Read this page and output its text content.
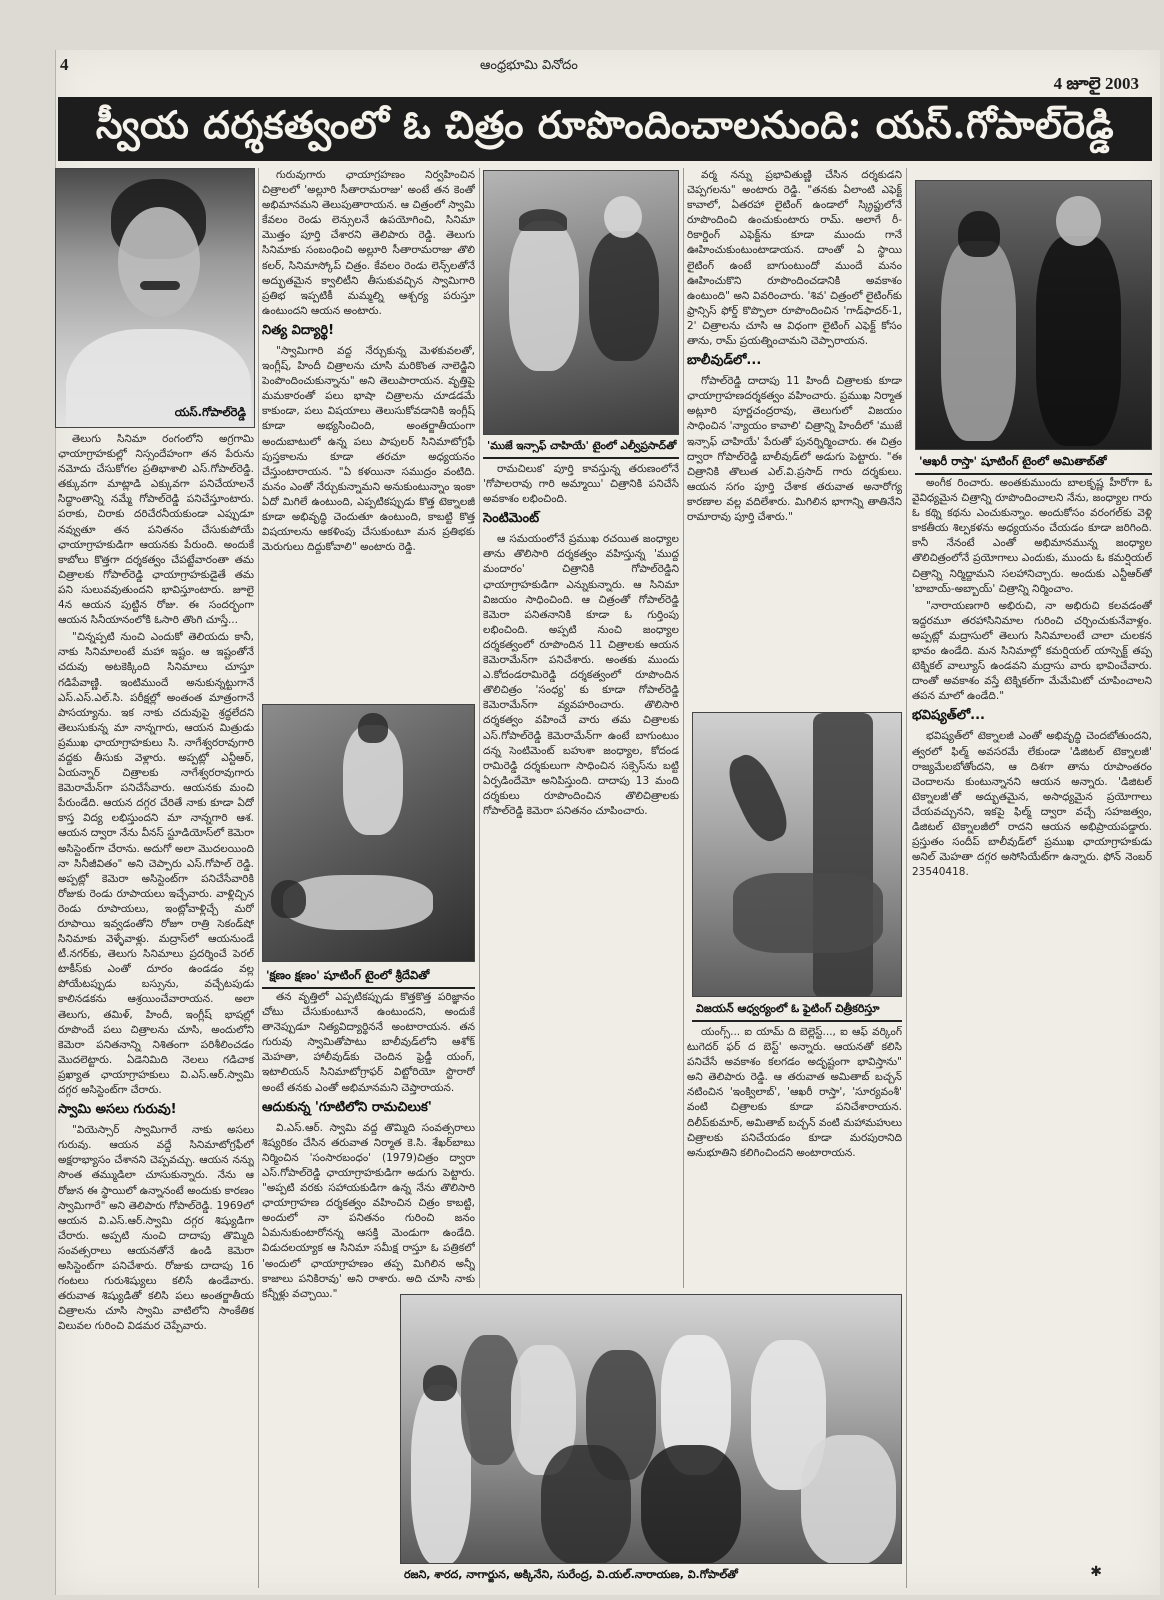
4	ఆంధ్రభూమి వినోదం
4 జూలై 2003
స్వీయ దర్శకత్వంలో ఓ చిత్రం రూపొందించాలనుంది: యస్.గోపాల్‌రెడ్డి
యస్.గోపాల్‌రెడ్డి

తెలుగు సినిమా రంగంలోని అగ్రగామి ఛాయాగ్రాహకుల్లో నిస్సందేహంగా తన పేరును నమోదు చేసుకోగల ప్రతిభాశాలి ఎస్.గోపాల్‌రెడ్డి. తక్కువగా మాట్లాడి ఎక్కువగా పనిచేయాలనే సిద్ధాంతాన్ని నమ్మే గోపాల్‌రెడ్డి పనిచేస్తూంటారు. పరాకు, చిరాకు దరిచేరనీయకుండా ఎప్పుడూ నవ్వుతూ తన పనితనం చేసుకుపోయే ఛాయాగ్రాహకుడిగా ఆయనకు పేరుంది. అందుకే కాబోలు కొత్తగా దర్శకత్వం చేపట్టేవారంతా తమ చిత్రాలకు గోపాల్‌రెడ్డి ఛాయాగ్రాహకుడైతే తమ పని సులువవుతుందని భావిస్తూంటారు. జూలై 4న ఆయన పుట్టిన రోజు. ఈ సందర్భంగా ఆయన సినీయానంలోకి ఓసారి తొంగి చూస్తే...

"చిన్నప్పటి నుంచి ఎందుకో తెలియదు కానీ, నాకు సినిమాలంటే మహా ఇష్టం. ఆ ఇష్టంతోనే చదువు అటకెక్కింది సినిమాలు చూస్తూ గడిపేవాణ్ణి. ఇంటిముందే అనుకున్నట్టుగానే ఎస్.ఎస్.ఎల్.సి. పరీక్షల్లో అంతంత మాత్రంగానే పాసయ్యాను. ఇక నాకు చదువుపై శ్రద్ధలేదని తెలుసుకున్న మా నాన్నగారు, ఆయన మిత్రుడు ప్రముఖ ఛాయాగ్రాహకులు సి. నాగేశ్వరరావుగారి వద్దకు తీసుకు వెళ్లారు. అప్పట్లో ఎన్టీఆర్, ఏయన్నార్ చిత్రాలకు నాగేశ్వరరావుగారు కెమెరామేన్‌గా పనిచేసేవారు. ఆయనకు మంచి పేరుండేది. ఆయన దగ్గర చేరితే నాకు కూడా ఏదో కాస్త విద్య లభిస్తుందని మా నాన్నగారి ఆశ. ఆయన ద్వారా నేను వీనస్ స్టూడియోస్‌లో కెమెరా అసిస్టెంట్‌గా చేరాను. అదుగో అలా మొదలయింది నా సినీజీవితం" అని చెప్పారు ఎస్.గోపాల్ రెడ్డి. అప్పట్లో కెమెరా అసిస్టెంట్‌గా పనిచేసేవారికి రోజుకు రెండు రూపాయలు ఇచ్చేవారు. వాళ్లిచ్చిన రెండు రూపాయలు, ఇంట్లోవాళ్లిచ్చే మరో రూపాయి ఇవ్వడంతోని రోజూ రాత్రి సెకండ్‌షో సినిమాకు వెళ్ళేవాళ్లు. మద్రాస్‌లో ఆయనుండే టీ.నగర్‌కు, తెలుగు సినిమాలు ప్రదర్శించే పెరల్ టాకీస్‌కు ఎంతో దూరం ఉండడం వల్ల పోయేటప్పుడు బస్సును, వచ్చేటపుడు కాలినడకను ఆశ్రయించేవారాయన. అలా తెలుగు, తమిళ్, హిందీ, ఇంగ్లీష్ భాషల్లో రూపొందే పలు చిత్రాలను చూసి, అందులోని కెమెరా పనితనాన్ని నిశితంగా పరిశీలించడం మొదలెట్టారు. ఏడెనిమిది నెలలు గడిచాక ప్రఖ్యాత ఛాయాగ్రాహకులు వి.ఎస్.ఆర్.స్వామి దగ్గర అసిస్టెంట్‌గా చేరారు.

స్వామి అసలు గురువు!

"వియెస్సార్ స్వామిగారే నాకు అసలు గురువు. ఆయన వద్దే సినిమాటోగ్రఫీలో అక్షరాభ్యాసం చేశానని చెప్పవచ్చు. ఆయన నన్ను సొంత తమ్ముడిలా చూసుకున్నారు. నేను ఆ రోజున ఈ స్థాయిలో ఉన్నానంటే అందుకు కారణం స్వామిగారే" అని తెలిపారు గోపాల్‌రెడ్డి. 1969లో ఆయన వి.ఎస్.ఆర్.స్వామి దగ్గర శిష్యుడిగా చేరారు. అప్పటి నుంచి దాదాపు తొమ్మిది సంవత్సరాలు ఆయనతోనే ఉండి కెమెరా అసిస్టెంట్‌గా పనిచేశారు. రోజుకు దాదాపు 16 గంటలు గురుశిష్యులు కలిసే ఉండేవారు. తరువాత శిష్యుడితో కలిసి పలు అంతర్జాతీయ చిత్రాలను చూసి స్వామి వాటిలోని సాంకేతిక విలువల గురించి విడమర చెప్పేవారు.

గురువుగారు ఛాయాగ్రహణం నిర్వహించిన చిత్రాలలో 'అల్లూరి సీతారామరాజు' అంటే తన కెంతో అభిమానమని తెలుపుతారాయన. ఆ చిత్రంలో స్వామి కేవలం రెండు లెన్సులనే ఉపయోగించి, సినిమా మొత్తం పూర్తి చేశారని తెలిపారు రెడ్డి. తెలుగు సినిమాకు సంబంధించి అల్లూరి సీతారామరాజు తొలి కలర్, సినిమాస్కోప్ చిత్రం. కేవలం రెండు లెన్స్‌లతోనే అద్భుతమైన క్వాలిటీని తీసుకువచ్చిన స్వామిగారి ప్రతిభ ఇప్పటికీ మమ్మల్ని ఆశ్చర్య పరుస్తూ ఉంటుందని ఆయన అంటారు.

నిత్య విద్యార్థి!

"స్వామిగారి వద్ద నేర్చుకున్న మెళకువలతో, ఇంగ్లీష్, హిందీ చిత్రాలను చూసి మరికొంత నాలెడ్జిని పెంపొందించుకున్నాను" అని తెలుపారాయన. వృత్తిపై మమకారంతో పలు భాషా చిత్రాలను చూడడమే కాకుండా, పలు విషయాలు తెలుసుకోవడానికి ఇంగ్లీష్ కూడా అభ్యసించింది, అంతర్జాతీయంగా అందుబాటులో ఉన్న పలు పాపులర్ సినిమాటోగ్రఫీ పుస్తకాలను కూడా తరచూ అధ్యయనం చేస్తుంటారాయన. "ఏ కళయినా సముద్రం వంటిది. మనం ఎంతో నేర్చుకున్నామని అనుకుంటున్నాం ఇంకా ఏదో మిగిలే ఉంటుంది, ఎప్పటికప్పుడు కొత్త టెక్నాలజీ కూడా అభివృద్ధి చెందుతూ ఉంటుంది, కాబట్టి కొత్త విషయాలను ఆకళింపు చేసుకుంటూ మన ప్రతిభకు మెరుగులు దిద్దుకోవాలి" అంటారు రెడ్డి.

'క్షణం క్షణం' షూటింగ్ టైంలో శ్రీదేవితో

తన వృత్తిలో ఎప్పటికప్పుడు కొత్తకొత్త పరిజ్ఞానం చోటు చేసుకుంటూనే ఉంటుందని, అందుకే తానెప్పుడూ నిత్యవిద్యార్థిననే అంటారాయన. తన గురువు స్వామితోపాటు బాలీవుడ్‌లోని ఆశోక్ మెహతా, హాలీవుడ్‌కు చెందిన ఫ్రెడ్డీ యంగ్, ఇటాలియన్ సినిమాటోగ్రాఫర్ విట్టోరియో స్టొరారో అంటే తనకు ఎంతో అభిమానమని చెప్తారాయన.

ఆదుకున్న 'గూటిలోని రామచిలుక'

వి.ఎస్.ఆర్. స్వామి వద్ద తొమ్మిది సంవత్సరాలు శిష్యరికం చేసిన తరువాత నిర్మాత కె.సి. శేఖర్‌బాబు నిర్మించిన 'సంసారబంధం' (1979)చిత్రం ద్వారా ఎస్.గోపాల్‌రెడ్డి ఛాయాగ్రాహకుడిగా అడుగు పెట్టారు. "అప్పటి వరకు సహాయకుడిగా ఉన్న నేను తొలిసారి ఛాయాగ్రాహణ దర్శకత్వం వహించిన చిత్రం కాబట్టి, అందులో నా పనితనం గురించి జనం ఏమనుకుంటారోనన్న ఆసక్తి మెండుగా ఉండేది. విడుదలయ్యాక ఆ సినిమా సమీక్ష రాస్తూ ఓ పత్రికలో 'అందులో ఛాయాగ్రాహణం తప్ప మిగిలిన అన్నీ కాజాలు పనికిరావు' అని రాశారు. అది చూసి నాకు కన్నీళ్లు వచ్చాయి."

'ముజే ఇన్సాఫ్ చాహియే' టైంలో ఎల్వీప్రసాద్‌తో

రామచిలుక' పూర్తి కావస్తున్న తరుణంలోనే 'గోపాలరావు గారి అమ్మాయి' చిత్రానికి పనిచేసే అవకాశం లభించింది.

సెంటిమెంట్

ఆ సమయంలోనే ప్రముఖ రచయిత జంధ్యాల తాను తొలిసారి దర్శకత్వం వహిస్తున్న 'ముద్ద మందారం' చిత్రానికి గోపాల్‌రెడ్డిని ఛాయాగ్రాహకుడిగా ఎన్నుకున్నారు. ఆ సినిమా విజయం సాధించింది. ఆ చిత్రంతో గోపాల్‌రెడ్డి కెమెరా పనితనానికి కూడా ఓ గుర్తింపు లభించింది. అప్పటి నుంచి జంధ్యాల దర్శకత్వంలో రూపొందిన 11 చిత్రాలకు ఆయన కెమెరామేన్‌గా పనిచేశారు. అంతకు ముందు ఎ.కోదండరామిరెడ్డి దర్శకత్వంలో రూపొందిన తొలిచిత్రం 'సంధ్య' కు కూడా గోపాల్‌రెడ్డి కెమెరామేన్‌గా వ్యవహరించారు. తొలిసారి దర్శకత్వం వహించే వారు తమ చిత్రాలకు ఎస్.గోపాల్‌రెడ్డి కెమెరామేన్‌గా ఉంటే బాగుంటుం దన్న సెంటిమెంట్ బహుశా జంధ్యాల, కోదండ రామిరెడ్డి దర్శకులుగా సాధించిన సక్సెస్‌ను బట్టి ఏర్పడిందేమో అనిపిస్తుంది. దాదాపు 13 మంది దర్శకులు రూపొందించిన తొలిచిత్రాలకు గోపాల్‌రెడ్డి కెమెరా పనితనం చూపించారు.

వర్మ నన్ను ప్రభావితుణ్ణి చేసిన దర్శకుడని చెప్పగలను" అంటారు రెడ్డి. "తనకు ఏలాంటి ఎఫెక్ట్ కావాలో, ఏతరహా లైటింగ్ ఉండాలో స్క్రిప్టులోనే రూపొందించి ఉంచుకుంటారు రామ్. అలాగే రీ-రికార్డింగ్ ఎఫెక్ట్‌ను కూడా ముందు గానే ఊహించుకుంటుంటాడాయన. దాంతో ఏ స్థాయి లైటింగ్ ఉంటే బాగుంటుందో ముందే మనం ఊహించుకొని రూపొందించడానికి అవకాశం ఉంటుంది" అని వివరించారు. 'శివ' చిత్రంలో లైటింగ్‌కు ఫ్రాన్సిస్ ఫోర్డ్ కొప్పొలా రూపొందించిన 'గాడ్‌ఫాదర్-1, 2' చిత్రాలను చూసి ఆ విధంగా లైటింగ్ ఎఫెక్ట్ కోసం తాను, రామ్ ప్రయత్నించామని చెప్పారాయన.

బాలీవుడ్‌లో...

గోపాల్‌రెడ్డి దాదాపు 11 హిందీ చిత్రాలకు కూడా ఛాయాగ్రాహణదర్శకత్వం వహించారు. ప్రముఖ నిర్మాత అట్లూరి పూర్ణచంద్రరావు, తెలుగులో విజయం సాధించిన 'న్యాయం కావాలి' చిత్రాన్ని హిందీలో 'ముజే ఇన్సాఫ్ చాహియే' పేరుతో పునర్నిర్మించారు. ఈ చిత్రం ద్వారా గోపాల్‌రెడ్డి బాలీవుడ్‌లో అడుగు పెట్టారు. "ఈ చిత్రానికి తొలుత ఎల్.వి.ప్రసాద్ గారు దర్శకులు. ఆయన సగం పూర్తి చేశాక తరువాత అనారోగ్య కారణాల వల్ల వదిలేశారు. మిగిలిన భాగాన్ని తాతినేని రామారావు పూర్తి చేశారు."

విజయన్ ఆధ్వర్యంలో ఓ ఫైటింగ్ చిత్రీకరిస్తూ

యంగ్స్‌... ఐ యామ్ ది బెల్లెస్ట్..., ఐ ఆఫ్ వర్కింగ్ టుగెదర్ ఫర్ ద బెస్ట్' అన్నారు. ఆయనతో కలిసి పనిచేసే అవకాశం కలగడం అదృష్టంగా భావిస్తాను" అని తెలిపారు రెడ్డి. ఆ తరువాత అమితాబ్ బచ్చన్ నటించిన 'ఇంక్విలాబ్', 'ఆఖరీ రాస్తా', 'సూర్యవంశీ' వంటి చిత్రాలకు కూడా పనిచేశారాయన. దిలీప్‌కుమార్, అమితాబ్ బచ్చన్ వంటి మహామహులు చిత్రాలకు పనిచేయడం కూడా మరపురానిది అనుభూతిని కలిగించిందని అంటారాయన.

'ఆఖరీ రాస్తా' షూటింగ్ టైంలో అమితాబ్‌తో

అంగీక రించారు. అంతకుముందు బాలకృష్ణ హీరోగా ఓ వైవిధ్యమైన చిత్రాన్ని రూపొందించాలని నేను, జంధ్యాల గారు ఓ కథ్ని కథను ఎంచుకున్నాం. అందుకోసం వరంగల్‌కు వెళ్లి కాకతీయ శిల్పకళను అధ్యయనం చేయడం కూడా జరిగింది. కానీ నేనంటే ఎంతో అభిమానమున్న జంధ్యాల తొలిచిత్రంలోనే ప్రయోగాలు ఎందుకు, ముందు ఓ కమర్షియల్ చిత్రాన్ని నిర్మిద్దామని సలహానిచ్చారు. అందుకు ఎన్టీఆర్‌తో 'బాబాయ్-అబ్బాయ్' చిత్రాన్ని నిర్మించాం.

"నారాయణగారి అభిరుచి, నా అభిరుచి కలవడంతో ఇద్దరమూ తరహాసినిమాల గురించి చర్చించుకునేవాళ్లం. అప్పట్లో మద్రాసులో తెలుగు సినిమాలంటే చాలా చులకన భావం ఉండేది. మన సినిమాల్లో కమర్షియల్ యాస్పెక్ట్ తప్ప టెక్నికల్ వాల్యూస్ ఉండవని మద్రాసు వారు భావించేవారు. దాంతో అవకాశం వస్తే టెక్నికల్‌గా మేమేమిటో చూపించాలని తపన మాలో ఉండేది."

భవిష్యత్‌లో...

భవిష్యత్‌లో టెక్నాలజీ ఎంతో అభివృద్ధి చెందబోతుందని, త్వరలో ఫిల్మ్ అవసరమే లేకుండా 'డిజిటల్ టెక్నాలజీ' రాజ్యమేలబోతోందని, ఆ దిశగా తాను రూపాంతరం చెందాలను కుంటున్నానని ఆయన అన్నారు. 'డిజిటల్ టెక్నాలజీ'తో అద్భుతమైన, అసాధ్యమైన ప్రయోగాలు చేయవచ్చునని, ఇకపై ఫిల్మ్ ద్వారా వచ్చే సహజత్వం, డిజిటల్ టెక్నాలజీలో రాదని ఆయన అభిప్రాయపడ్డారు. ప్రస్తుతం సందీప్ బాలీవుడ్‌లో ప్రముఖ ఛాయాగ్రాహకుడు అనిల్ మెహతా దగ్గర అసోసియేట్‌గా ఉన్నారు. ఫోన్ నెంబర్ 23540418.

రజని, శారద, నాగార్జున, అక్కినేని, సురేంద్ర, వి.యల్.నారాయణ, వి.గోపాల్‌తో	✱
